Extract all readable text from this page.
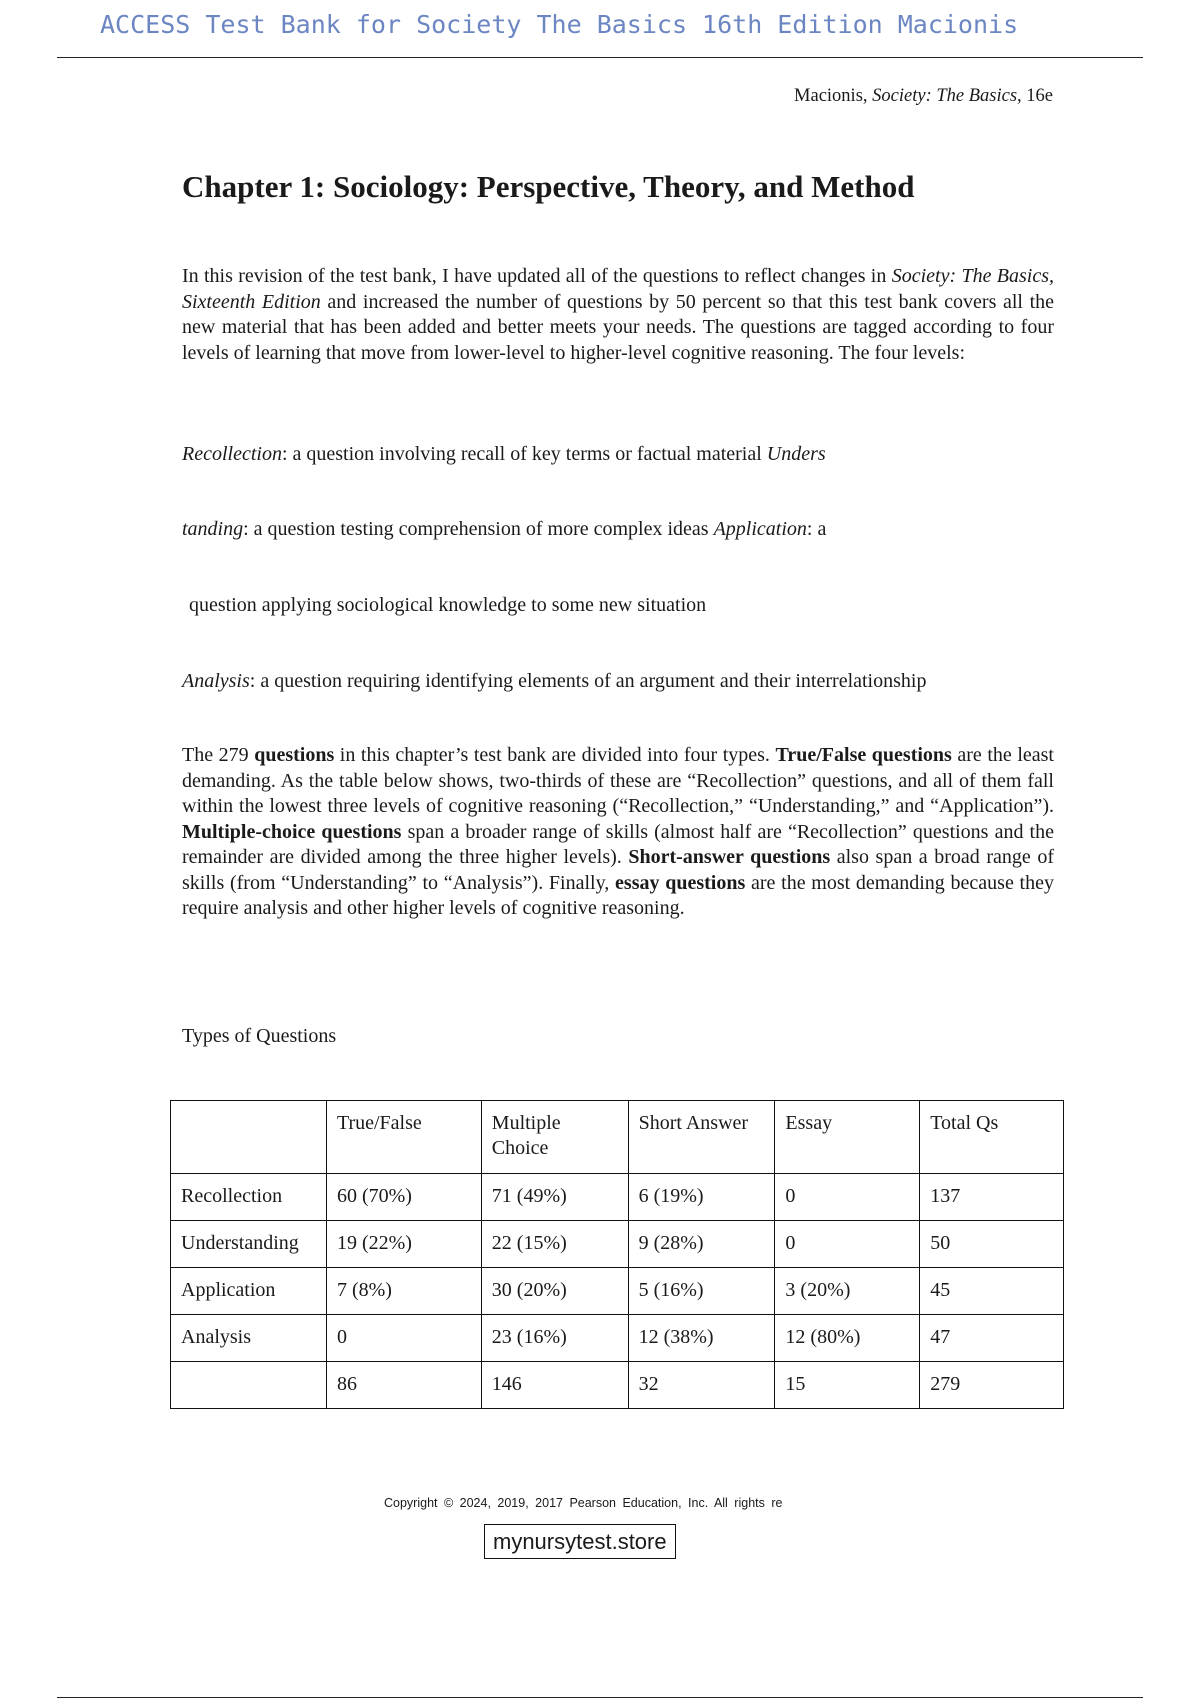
ACCESS Test Bank for Society The Basics 16th Edition Macionis
Macionis, Society: The Basics, 16e
Chapter 1: Sociology: Perspective, Theory, and Method

In this revision of the test bank, I have updated all of the questions to reflect changes in Society: The Basics, Sixteenth Edition and increased the number of questions by 50 percent so that this test bank covers all the new material that has been added and better meets your needs. The questions are tagged according to four levels of learning that move from lower-level to higher-level cognitive reasoning. The four levels:

Recollection: a question involving recall of key terms or factual material Unders

tanding: a question testing comprehension of more complex ideas Application: a

question applying sociological knowledge to some new situation

Analysis: a question requiring identifying elements of an argument and their interrelationship

The 279 questions in this chapter’s test bank are divided into four types. True/False questions are the least demanding. As the table below shows, two-thirds of these are “Recollection” questions, and all of them fall within the lowest three levels of cognitive reasoning (“Recollection,” “Understanding,” and “Application”). Multiple-choice questions span a broader range of skills (almost half are “Recollection” questions and the remainder are divided among the three higher levels). Short-answer questions also span a broad range of skills (from “Understanding” to “Analysis”). Finally, essay questions are the most demanding because they require analysis and other higher levels of cognitive reasoning.

Types of Questions

	True/False	Multiple Choice	Short Answer	Essay	Total Qs
Recollection	60 (70%)	71 (49%)	6 (19%)	0	137
Understanding	19 (22%)	22 (15%)	9 (28%)	0	50
Application	7 (8%)	30 (20%)	5 (16%)	3 (20%)	45
Analysis	0	23 (16%)	12 (38%)	12 (80%)	47
	86	146	32	15	279
Copyright © 2024, 2019, 2017 Pearson Education, Inc. All rights re
mynursytest.store
